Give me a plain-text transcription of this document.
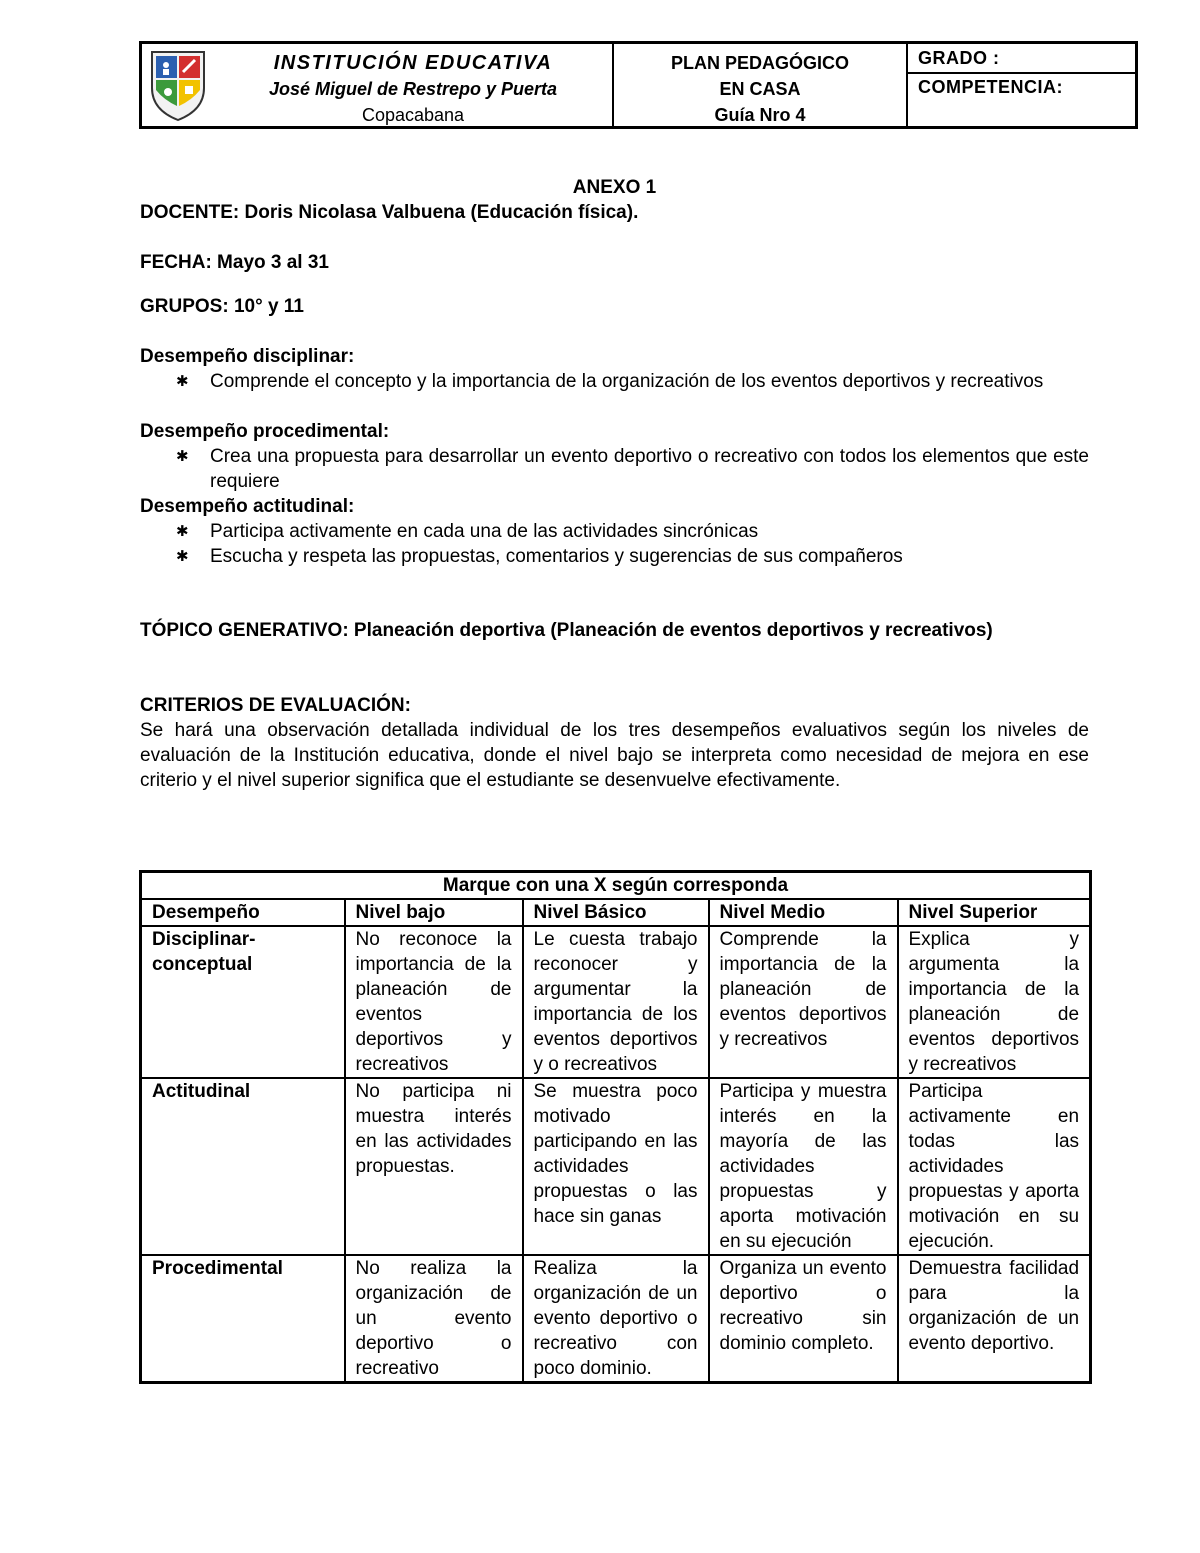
INSTITUCIÓN EDUCATIVA
José Miguel de Restrepo y Puerta
Copacabana
PLAN PEDAGÓGICO
EN CASA
Guía Nro 4
GRADO :
COMPETENCIA:

ANEXO 1

DOCENTE: Doris Nicolasa Valbuena (Educación física).

FECHA: Mayo 3 al 31

GRUPOS: 10° y 11

Desempeño disciplinar:

✱ Comprende el concepto y la importancia de la organización de los eventos deportivos y recreativos

Desempeño procedimental:

✱ Crea una propuesta para desarrollar un evento deportivo o recreativo con todos los elementos que este requiere

Desempeño actitudinal:

✱ Participa activamente en cada una de las actividades sincrónicas
✱ Escucha y respeta las propuestas, comentarios y sugerencias de sus compañeros

TÓPICO GENERATIVO: Planeación deportiva (Planeación de eventos deportivos y recreativos)

CRITERIOS DE EVALUACIÓN:

Se hará una observación detallada individual de los tres desempeños evaluativos según los niveles de evaluación de la Institución educativa, donde el nivel bajo se interpreta como necesidad de mejora en ese criterio y el nivel superior significa que el estudiante se desenvuelve efectivamente.

Marque con una X según corresponda				
Desempeño	Nivel bajo	Nivel Básico	Nivel Medio	Nivel Superior
Disciplinar-conceptual	No reconoce la importancia de la planeación de eventos deportivos y recreativos	Le cuesta trabajo reconocer y argumentar la importancia de los eventos deportivos y o recreativos	Comprende la importancia de la planeación de eventos deportivos y recreativos	Explica y argumenta la importancia de la planeación de eventos deportivos y recreativos
Actitudinal	No participa ni muestra interés en las actividades propuestas.	Se muestra poco motivado participando en las actividades propuestas o las hace sin ganas	Participa y muestra interés en la mayoría de las actividades propuestas y aporta motivación en su ejecución	Participa activamente en todas las actividades propuestas y aporta motivación en su ejecución.
Procedimental	No realiza la organización de un evento deportivo o recreativo	Realiza la organización de un evento deportivo o recreativo con poco dominio.	Organiza un evento deportivo o recreativo sin dominio completo.	Demuestra facilidad para la organización de un evento deportivo.
